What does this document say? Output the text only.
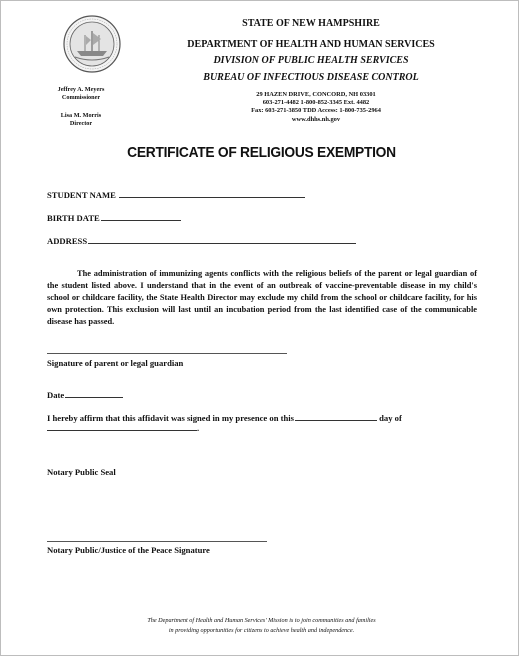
STATE OF NEW HAMPSHIRE
DEPARTMENT OF HEALTH AND HUMAN SERVICES
DIVISION OF PUBLIC HEALTH SERVICES
BUREAU OF INFECTIOUS DISEASE CONTROL
29 HAZEN DRIVE, CONCORD, NH 03301
603-271-4482 1-800-852-3345 Ext. 4482
Fax: 603-271-3850 TDD Access: 1-800-735-2964
www.dhhs.nh.gov
Jeffrey A. Meyers
Commissioner
Lisa M. Morris
Director
CERTIFICATE OF RELIGIOUS EXEMPTION
STUDENT NAME
BIRTH DATE
ADDRESS

The administration of immunizing agents conflicts with the religious beliefs of the parent or legal guardian of the student listed above. I understand that in the event of an outbreak of vaccine-preventable disease in my child's school or childcare facility, the State Health Director may exclude my child from the school or childcare facility, for his own protection. This exclusion will last until an incubation period from the last identified case of the communicable disease has passed.

Signature of parent or legal guardian
Date
I hereby affirm that this affidavit was signed in my presence on this	day of
.
Notary Public Seal
Notary Public/Justice of the Peace Signature
The Department of Health and Human Services' Mission is to join communities and families
in providing opportunities for citizens to achieve health and independence.
